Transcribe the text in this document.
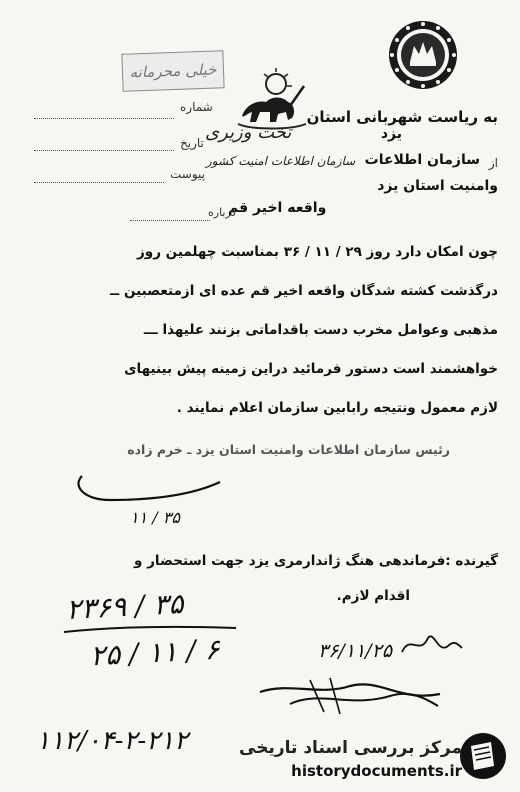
خیلی محرمانه
به ریاست شهربانی استان
یزد
شماره
تاریخ
پیوست
تخت وزیری
از
سازمان اطلاعات
سازمان اطلاعات امنیت کشور
وامنیت استان یزد
درباره
واقعه اخیر قم
چون امکان دارد روز ۲۹ / ۱۱ / ۳۶ بمناسبت چهلمین روز
درگذشت کشته شدگان واقعه اخیر قم عده ای ازمتعصبین ــ
مذهبی وعوامل مخرب دست باقداماتی بزنند علیهذا ـــ
خواهشمند است دستور فرمائید دراین زمینه پیش بینیهای
لازم معمول ونتیجه رابابین سازمان اعلام نمایند .
رئیس سازمان اطلاعات وامنیت استان یزد ـ خرم زاده
۳۵ / ۱۱
گیرنده :فرماندهی هنگ ژاندارمری یزد جهت استحضار و
اقدام لازم.
۲۳۶۹ / ۳۵
۲۵ / ۱۱ / ۶	۳۶/۱۱/۲۵
۱۱۲/۰۴-۲-۲۱۲	مرکز بررسی اسناد تاریخی
historydocuments.ir
